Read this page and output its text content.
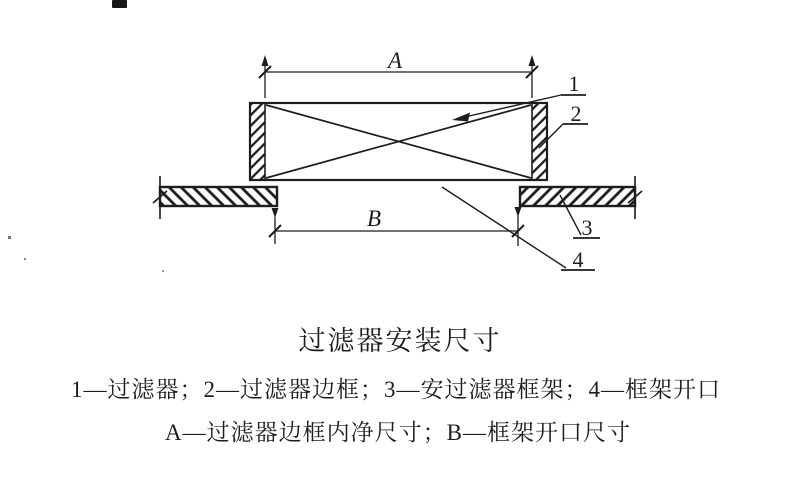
A
B
1
2
3
4
过滤器安装尺寸
1—过滤器；2—过滤器边框；3—安过滤器框架；4—框架开口
A—过滤器边框内净尺寸；B—框架开口尺寸
